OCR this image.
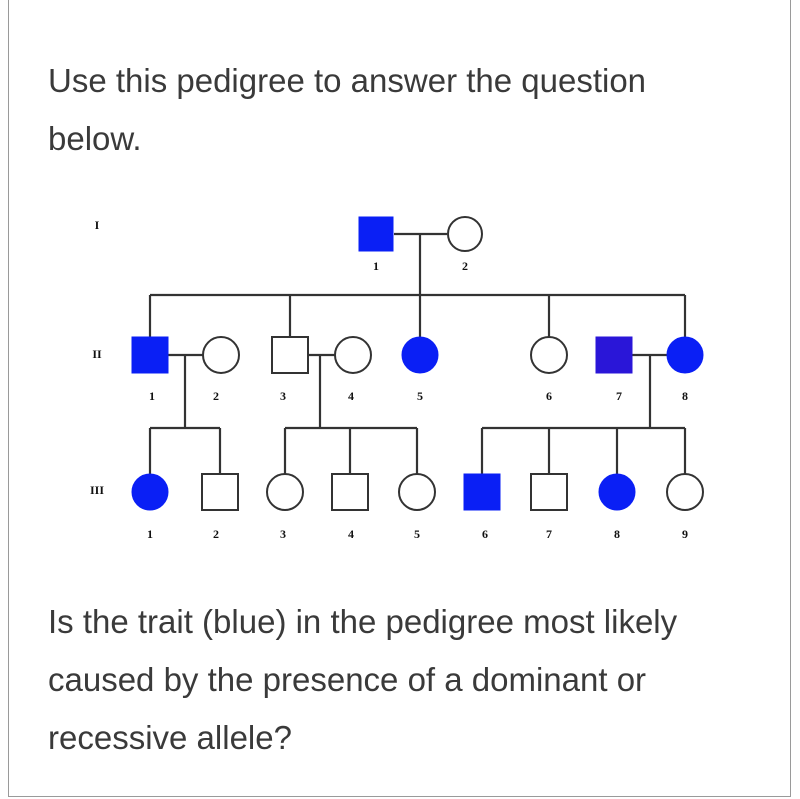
Use this pedigree to answer the question below.
I
II
III
1	2
1	2	3	4	5	6	7	8
1	2	3	4	5	6	7	8	9
Is the trait (blue) in the pedigree most likely caused by the presence of a dominant or recessive allele?
